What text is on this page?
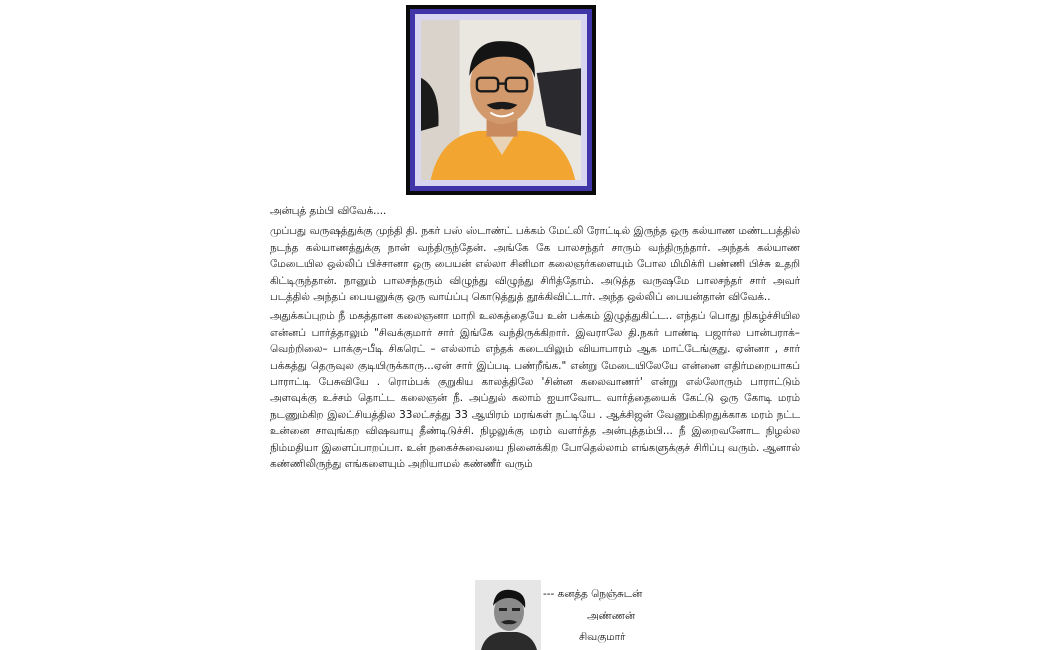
அன்புத் தம்பி விவேக்....

முப்பது வருஷத்துக்கு முந்தி தி. நகர் பஸ் ஸ்டாண்ட் பக்கம் மேட்லி ரோட்டில் இருந்த ஒரு கல்யாண மண்டபத்தில் நடந்த கல்யாணத்துக்கு நான் வந்திருந்தேன். அங்கே கே பாலசந்தர் சாரும் வந்திருந்தார். அந்தக் கல்யாண மேடையில ஒல்லிப் பிச்சானா ஒரு பையன் எல்லா சினிமா கலைஞர்களையும் போல மிமிக்ரி பண்ணி பிச்சு உதறி கிட்டிருந்தான். நானும் பாலசந்தரும் விழுந்து விழுந்து சிரித்தோம். அடுத்த வருஷமே பாலசந்தர் சார் அவர் படத்தில் அந்தப் பையனுக்கு ஒரு வாய்ப்பு கொடுத்துத் தூக்கிவிட்டார். அந்த ஒல்லிப் பையன்தான் விவேக்..

அதுக்கப்புறம் நீ மகத்தான கலைஞனா மாறி உலகத்தையே உன் பக்கம் இழுத்துகிட்ட.. எந்தப் பொது நிகழ்ச்சியில என்னப் பார்த்தாலும் "சிவக்குமார் சார் இங்கே வந்திருக்கிறார். இவராலே தி.நகர் பாண்டி பஜார்ல பான்பராக்– வெற்றிலை– பாக்கு–பீடி சிகரெட் – எல்லாம் எந்தக் கடையிலும் வியாபாரம் ஆக மாட்டேங்குது. ஏன்னா , சார் பக்கத்து தெருவுல குடியிருக்காரு...ஏன் சார் இப்படி பண்றீங்க." என்று மேடையிலேயே என்னை எதிர்மறையாகப் பாராட்டி பேசுவியே . ரொம்பக் குறுகிய காலத்திலே 'சின்ன கலைவாணர்' என்று எல்லோரும் பாராட்டும் அளவுக்கு உச்சம் தொட்ட கலைஞன் நீ. அப்துல் கலாம் ஐயாவோட வார்த்தையைக் கேட்டு ஒரு கோடி மரம் நடணும்கிற இலட்சியத்தில 33லட்சத்து 33 ஆயிரம் மரங்கள் நட்டியே . ஆக்சிஜன் வேணும்கிறதுக்காக மரம் நட்ட உன்னை சாவுங்கற விஷவாயு தீண்டிடுச்சி. நிழலுக்கு மரம் வளர்த்த அன்புத்தம்பி... நீ இறைவனோட நிழல்ல நிம்மதியா இளைப்பாறப்பா. உன் நகைச்சுவையை நினைக்கிற போதெல்லாம் எங்களுக்குச் சிரிப்பு வரும். ஆனால் கண்ணிலிருந்து எங்களையும் அறியாமல் கண்ணீர் வரும்

--- கனத்த நெஞ்சுடன்
அண்ணன்
சிவகுமார்
